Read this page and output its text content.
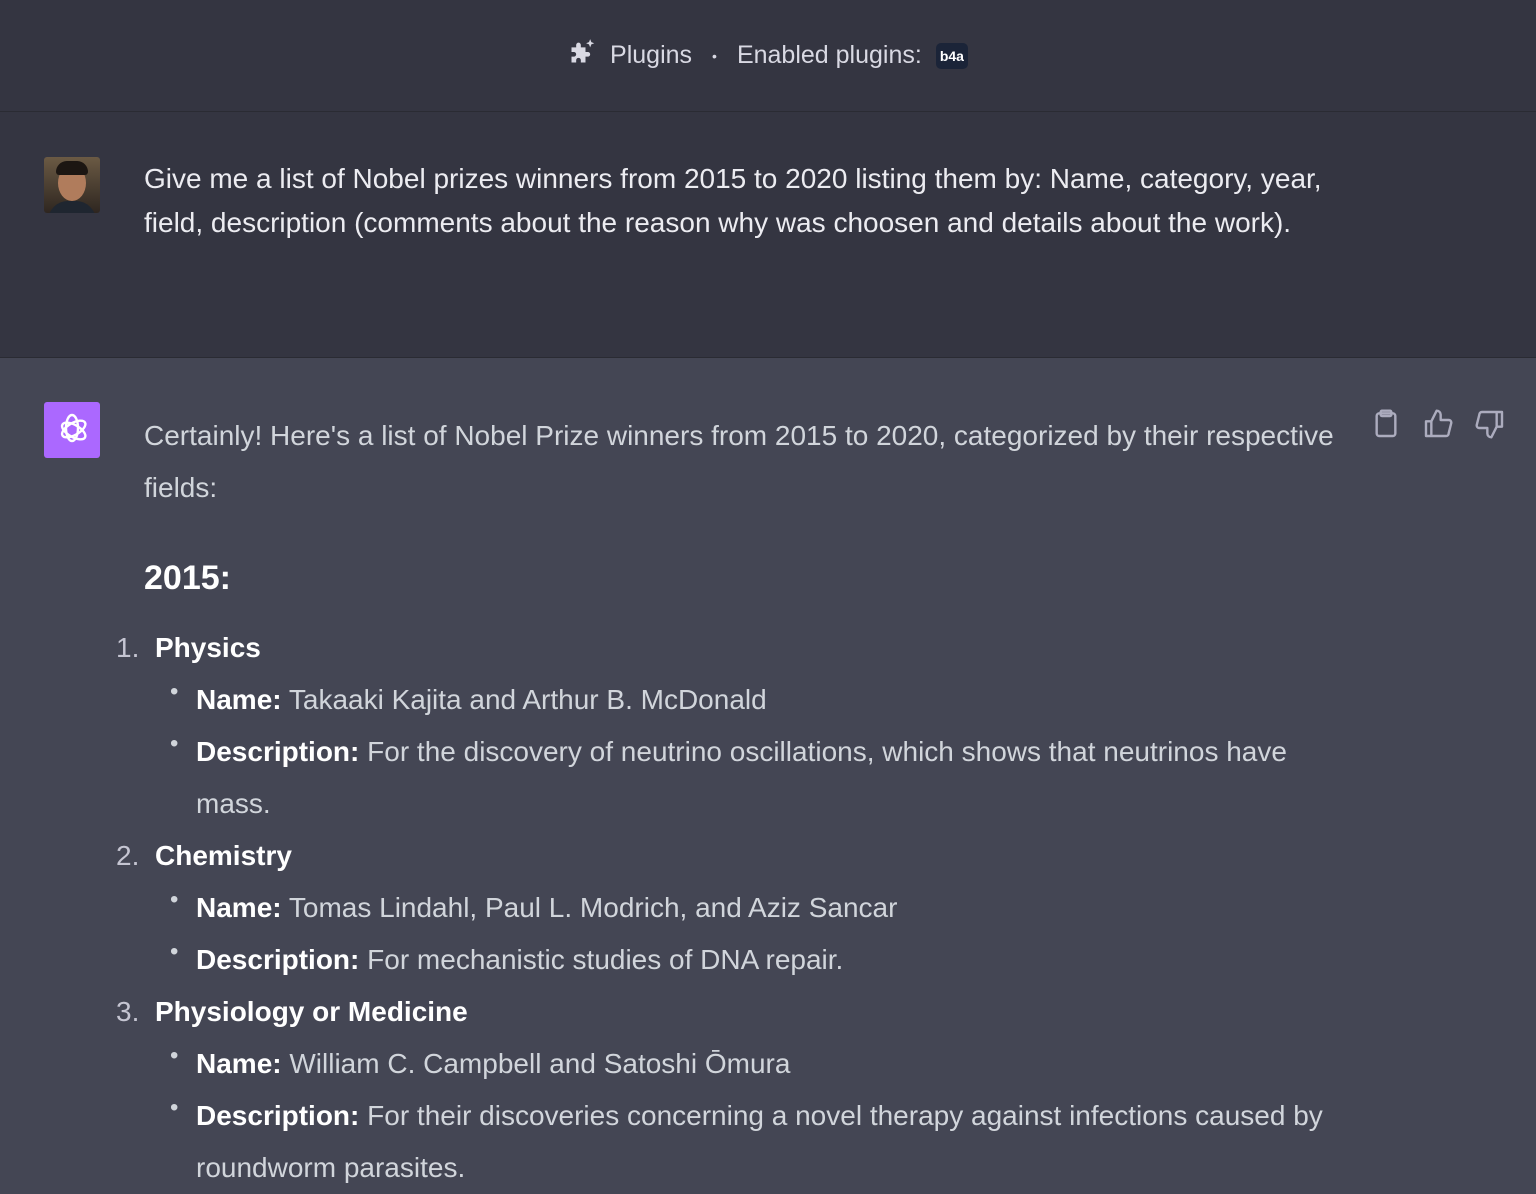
Plugins • Enabled plugins: b4a

Give me a list of Nobel prizes winners from 2015 to 2020 listing them by: Name, category, year, field, description (comments about the reason why was choosen and details about the work).

Certainly! Here's a list of Nobel Prize winners from 2015 to 2020, categorized by their respective fields:

2015:
1. Physics
• Name: Takaaki Kajita and Arthur B. McDonald
• Description: For the discovery of neutrino oscillations, which shows that neutrinos have mass.
2. Chemistry
• Name: Tomas Lindahl, Paul L. Modrich, and Aziz Sancar
• Description: For mechanistic studies of DNA repair.
3. Physiology or Medicine
• Name: William C. Campbell and Satoshi Ōmura
• Description: For their discoveries concerning a novel therapy against infections caused by roundworm parasites.
